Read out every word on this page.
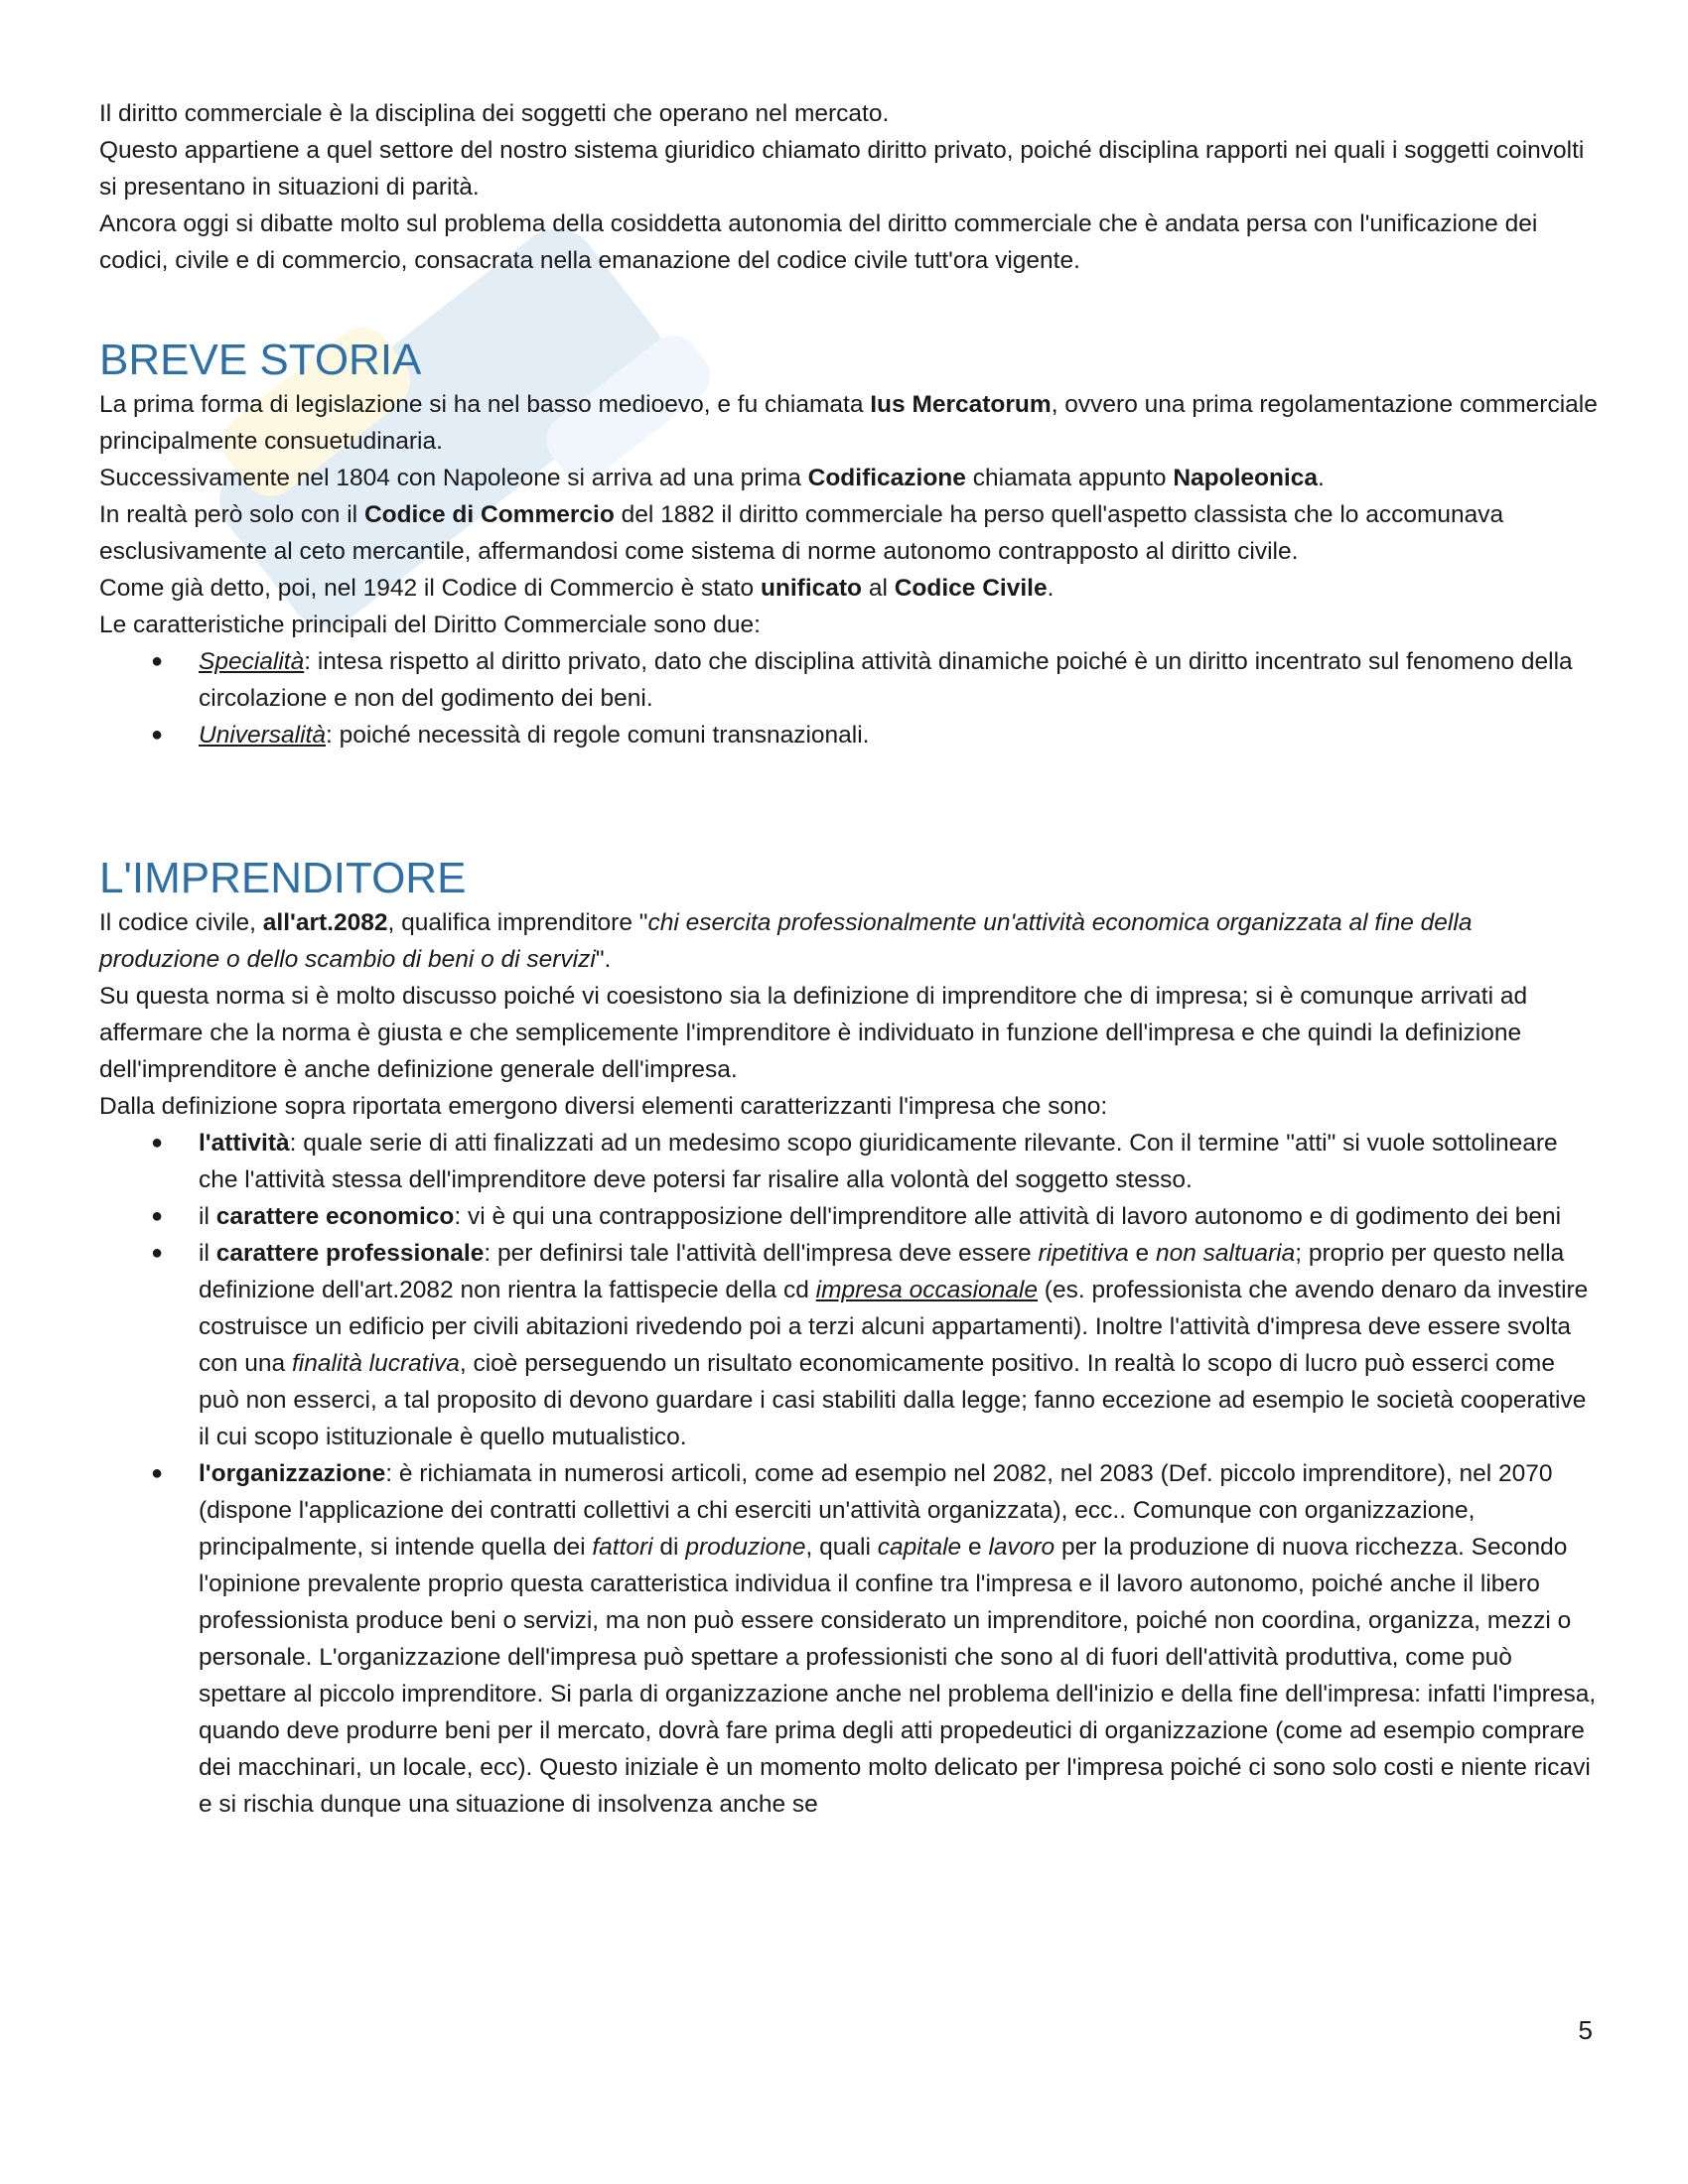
Il diritto commerciale è la disciplina dei soggetti che operano nel mercato.

Questo appartiene a quel settore del nostro sistema giuridico chiamato diritto privato, poiché disciplina rapporti nei quali i soggetti coinvolti si presentano in situazioni di parità.

Ancora oggi si dibatte molto sul problema della cosiddetta autonomia del diritto commerciale che è andata persa con l'unificazione dei codici, civile e di commercio, consacrata nella emanazione del codice civile tutt'ora vigente.

BREVE STORIA

La prima forma di legislazione si ha nel basso medioevo, e fu chiamata Ius Mercatorum, ovvero una prima regolamentazione commerciale principalmente consuetudinaria.

Successivamente nel 1804 con Napoleone si arriva ad una prima Codificazione chiamata appunto Napoleonica.

In realtà però solo con il Codice di Commercio del 1882 il diritto commerciale ha perso quell'aspetto classista che lo accomunava esclusivamente al ceto mercantile, affermandosi come sistema di norme autonomo contrapposto al diritto civile.

Come già detto, poi, nel 1942 il Codice di Commercio è stato unificato al Codice Civile.

Le caratteristiche principali del Diritto Commerciale sono due:

● Specialità: intesa rispetto al diritto privato, dato che disciplina attività dinamiche poiché è un diritto incentrato sul fenomeno della circolazione e non del godimento dei beni.
● Universalità: poiché necessità di regole comuni transnazionali.
L'IMPRENDITORE

Il codice civile, all'art.2082, qualifica imprenditore "chi esercita professionalmente un'attività economica organizzata al fine della produzione o dello scambio di beni o di servizi".

Su questa norma si è molto discusso poiché vi coesistono sia la definizione di imprenditore che di impresa; si è comunque arrivati ad affermare che la norma è giusta e che semplicemente l'imprenditore è individuato in funzione dell'impresa e che quindi la definizione dell'imprenditore è anche definizione generale dell'impresa.

Dalla definizione sopra riportata emergono diversi elementi caratterizzanti l'impresa che sono:

● l'attività: quale serie di atti finalizzati ad un medesimo scopo giuridicamente rilevante. Con il termine "atti" si vuole sottolineare che l'attività stessa dell'imprenditore deve potersi far risalire alla volontà del soggetto stesso.
● il carattere economico: vi è qui una contrapposizione dell'imprenditore alle attività di lavoro autonomo e di godimento dei beni
● il carattere professionale: per definirsi tale l'attività dell'impresa deve essere ripetitiva e non saltuaria; proprio per questo nella definizione dell'art.2082 non rientra la fattispecie della cd impresa occasionale (es. professionista che avendo denaro da investire costruisce un edificio per civili abitazioni rivedendo poi a terzi alcuni appartamenti). Inoltre l'attività d'impresa deve essere svolta con una finalità lucrativa, cioè perseguendo un risultato economicamente positivo. In realtà lo scopo di lucro può esserci come può non esserci, a tal proposito di devono guardare i casi stabiliti dalla legge; fanno eccezione ad esempio le società cooperative il cui scopo istituzionale è quello mutualistico.
● l'organizzazione: è richiamata in numerosi articoli, come ad esempio nel 2082, nel 2083 (Def. piccolo imprenditore), nel 2070 (dispone l'applicazione dei contratti collettivi a chi eserciti un'attività organizzata), ecc.. Comunque con organizzazione, principalmente, si intende quella dei fattori di produzione, quali capitale e lavoro per la produzione di nuova ricchezza. Secondo l'opinione prevalente proprio questa caratteristica individua il confine tra l'impresa e il lavoro autonomo, poiché anche il libero professionista produce beni o servizi, ma non può essere considerato un imprenditore, poiché non coordina, organizza, mezzi o personale. L'organizzazione dell'impresa può spettare a professionisti che sono al di fuori dell'attività produttiva, come può spettare al piccolo imprenditore. Si parla di organizzazione anche nel problema dell'inizio e della fine dell'impresa: infatti l'impresa, quando deve produrre beni per il mercato, dovrà fare prima degli atti propedeutici di organizzazione (come ad esempio comprare dei macchinari, un locale, ecc). Questo iniziale è un momento molto delicato per l'impresa poiché ci sono solo costi e niente ricavi e si rischia dunque una situazione di insolvenza anche se
5
